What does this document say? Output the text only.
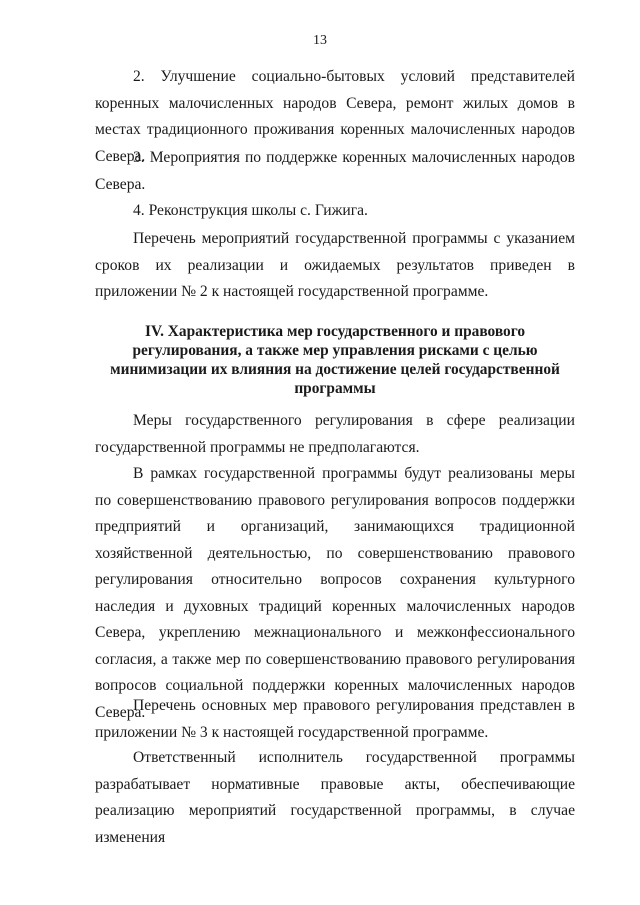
13

2. Улучшение социально-бытовых условий представителей коренных малочисленных народов Севера, ремонт жилых домов в местах традиционного проживания коренных малочисленных народов Севера.

3. Мероприятия по поддержке коренных малочисленных народов Севера.

4. Реконструкция школы с. Гижига.

Перечень мероприятий государственной программы с указанием сроков их реализации и ожидаемых результатов приведен в приложении № 2 к настоящей государственной программе.

IV. Характеристика мер государственного и правового регулирования, а также мер управления рисками с целью минимизации их влияния на достижение целей государственной программы

Меры государственного регулирования в сфере реализации государственной программы не предполагаются.

В рамках государственной программы будут реализованы меры по совершенствованию правового регулирования вопросов поддержки предприятий и организаций, занимающихся традиционной хозяйственной деятельностью, по совершенствованию правового регулирования относительно вопросов сохранения культурного наследия и духовных традиций коренных малочисленных народов Севера, укреплению межнационального и межконфессионального согласия, а также мер по совершенствованию правового регулирования вопросов социальной поддержки коренных малочисленных народов Севера.

Перечень основных мер правового регулирования представлен в приложении № 3 к настоящей государственной программе.

Ответственный исполнитель государственной программы разрабатывает нормативные правовые акты, обеспечивающие реализацию мероприятий государственной программы, в случае изменения
